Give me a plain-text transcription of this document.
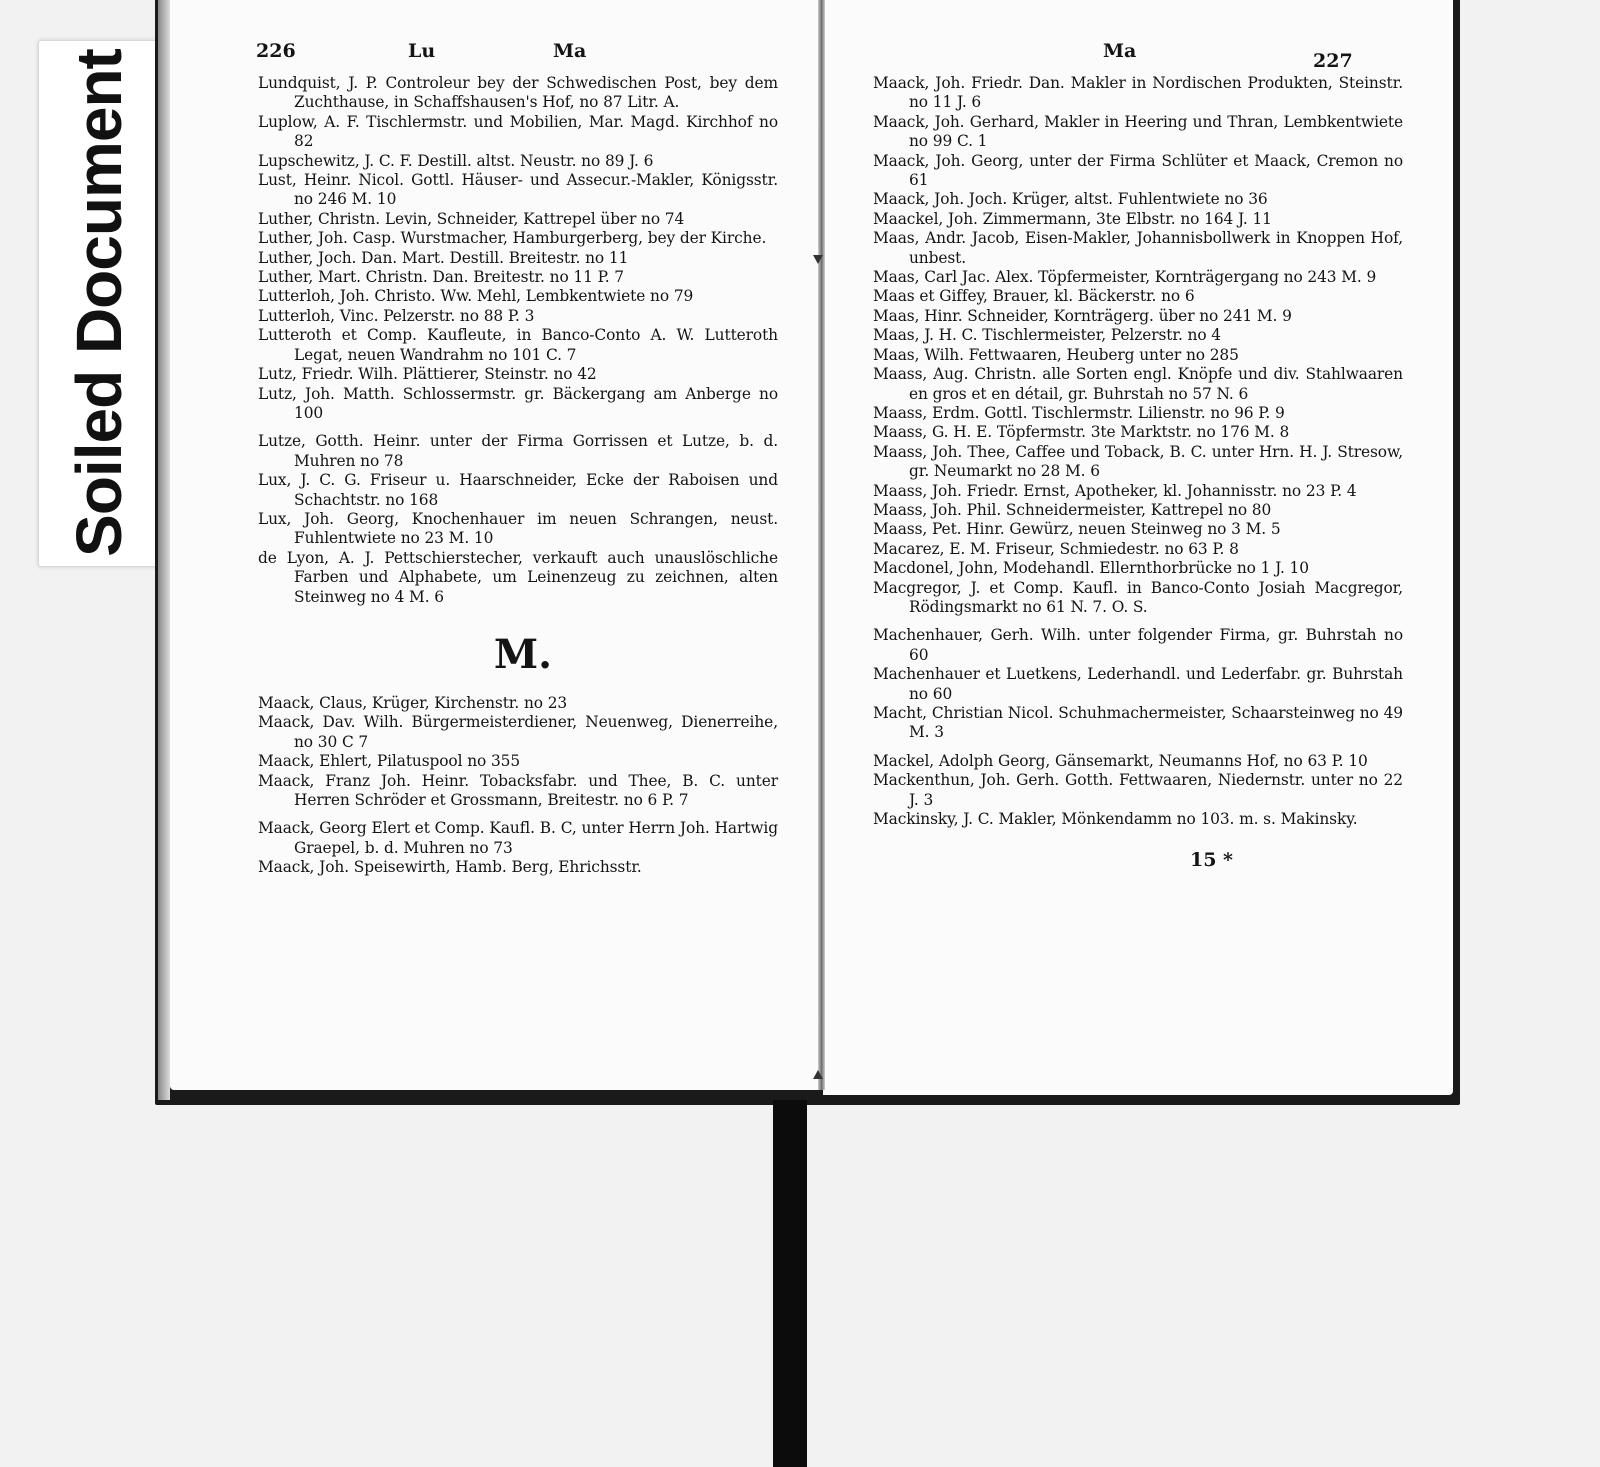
Soiled Document	226	Lu	Ma

Lundquist, J. P. Controleur bey der Schwedischen Post, bey dem Zuchthause, in Schaffshausen's Hof, no 87 Litr. A.

Luplow, A. F. Tischlermstr. und Mobilien, Mar. Magd. Kirchhof no 82

Lupschewitz, J. C. F. Destill. altst. Neustr. no 89 J. 6

Lust, Heinr. Nicol. Gottl. Häuser- und Assecur.-Makler, Königsstr. no 246 M. 10

Luther, Christn. Levin, Schneider, Kattrepel über no 74

Luther, Joh. Casp. Wurstmacher, Hamburgerberg, bey der Kirche.

Luther, Joch. Dan. Mart. Destill. Breitestr. no 11

Luther, Mart. Christn. Dan. Breitestr. no 11 P. 7

Lutterloh, Joh. Christo. Ww. Mehl, Lembkentwiete no 79

Lutterloh, Vinc. Pelzerstr. no 88 P. 3

Lutteroth et Comp. Kaufleute, in Banco-Conto A. W. Lutteroth Legat, neuen Wandrahm no 101 C. 7

Lutz, Friedr. Wilh. Plättierer, Steinstr. no 42

Lutz, Joh. Matth. Schlossermstr. gr. Bäckergang am Anberge no 100

Lutze, Gotth. Heinr. unter der Firma Gorrissen et Lutze, b. d. Muhren no 78

Lux, J. C. G. Friseur u. Haarschneider, Ecke der Raboisen und Schachtstr. no 168

Lux, Joh. Georg, Knochenhauer im neuen Schrangen, neust. Fuhlentwiete no 23 M. 10

de Lyon, A. J. Pettschierstecher, verkauft auch unauslöschliche Farben und Alphabete, um Leinenzeug zu zeichnen, alten Steinweg no 4 M. 6

M.

Maack, Claus, Krüger, Kirchenstr. no 23

Maack, Dav. Wilh. Bürgermeisterdiener, Neuenweg, Dienerreihe, no 30 C 7

Maack, Ehlert, Pilatuspool no 355

Maack, Franz Joh. Heinr. Tobacksfabr. und Thee, B. C. unter Herren Schröder et Grossmann, Breitestr. no 6 P. 7

Maack, Georg Elert et Comp. Kaufl. B. C, unter Herrn Joh. Hartwig Graepel, b. d. Muhren no 73

Maack, Joh. Speisewirth, Hamb. Berg, Ehrichsstr.

Ma	227

Maack, Joh. Friedr. Dan. Makler in Nordischen Produkten, Steinstr. no 11 J. 6

Maack, Joh. Gerhard, Makler in Heering und Thran, Lembkentwiete no 99 C. 1

Maack, Joh. Georg, unter der Firma Schlüter et Maack, Cremon no 61

Maack, Joh. Joch. Krüger, altst. Fuhlentwiete no 36

Maackel, Joh. Zimmermann, 3te Elbstr. no 164 J. 11

Maas, Andr. Jacob, Eisen-Makler, Johannisbollwerk in Knoppen Hof, unbest.

Maas, Carl Jac. Alex. Töpfermeister, Kornträgergang no 243 M. 9

Maas et Giffey, Brauer, kl. Bäckerstr. no 6

Maas, Hinr. Schneider, Kornträgerg. über no 241 M. 9

Maas, J. H. C. Tischlermeister, Pelzerstr. no 4

Maas, Wilh. Fettwaaren, Heuberg unter no 285

Maass, Aug. Christn. alle Sorten engl. Knöpfe und div. Stahlwaaren en gros et en détail, gr. Buhrstah no 57 N. 6

Maass, Erdm. Gottl. Tischlermstr. Lilienstr. no 96 P. 9

Maass, G. H. E. Töpfermstr. 3te Marktstr. no 176 M. 8

Maass, Joh. Thee, Caffee und Toback, B. C. unter Hrn. H. J. Stresow, gr. Neumarkt no 28 M. 6

Maass, Joh. Friedr. Ernst, Apotheker, kl. Johannisstr. no 23 P. 4

Maass, Joh. Phil. Schneidermeister, Kattrepel no 80

Maass, Pet. Hinr. Gewürz, neuen Steinweg no 3 M. 5

Macarez, E. M. Friseur, Schmiedestr. no 63 P. 8

Macdonel, John, Modehandl. Ellernthorbrücke no 1 J. 10

Macgregor, J. et Comp. Kaufl. in Banco-Conto Josiah Macgregor, Rödingsmarkt no 61 N. 7. O. S.

Machenhauer, Gerh. Wilh. unter folgender Firma, gr. Buhrstah no 60

Machenhauer et Luetkens, Lederhandl. und Lederfabr. gr. Buhrstah no 60

Macht, Christian Nicol. Schuhmachermeister, Schaarsteinweg no 49 M. 3

Mackel, Adolph Georg, Gänsemarkt, Neumanns Hof, no 63 P. 10

Mackenthun, Joh. Gerh. Gotth. Fettwaaren, Niedernstr. unter no 22 J. 3

Mackinsky, J. C. Makler, Mönkendamm no 103. m. s. Makinsky.

15 *
